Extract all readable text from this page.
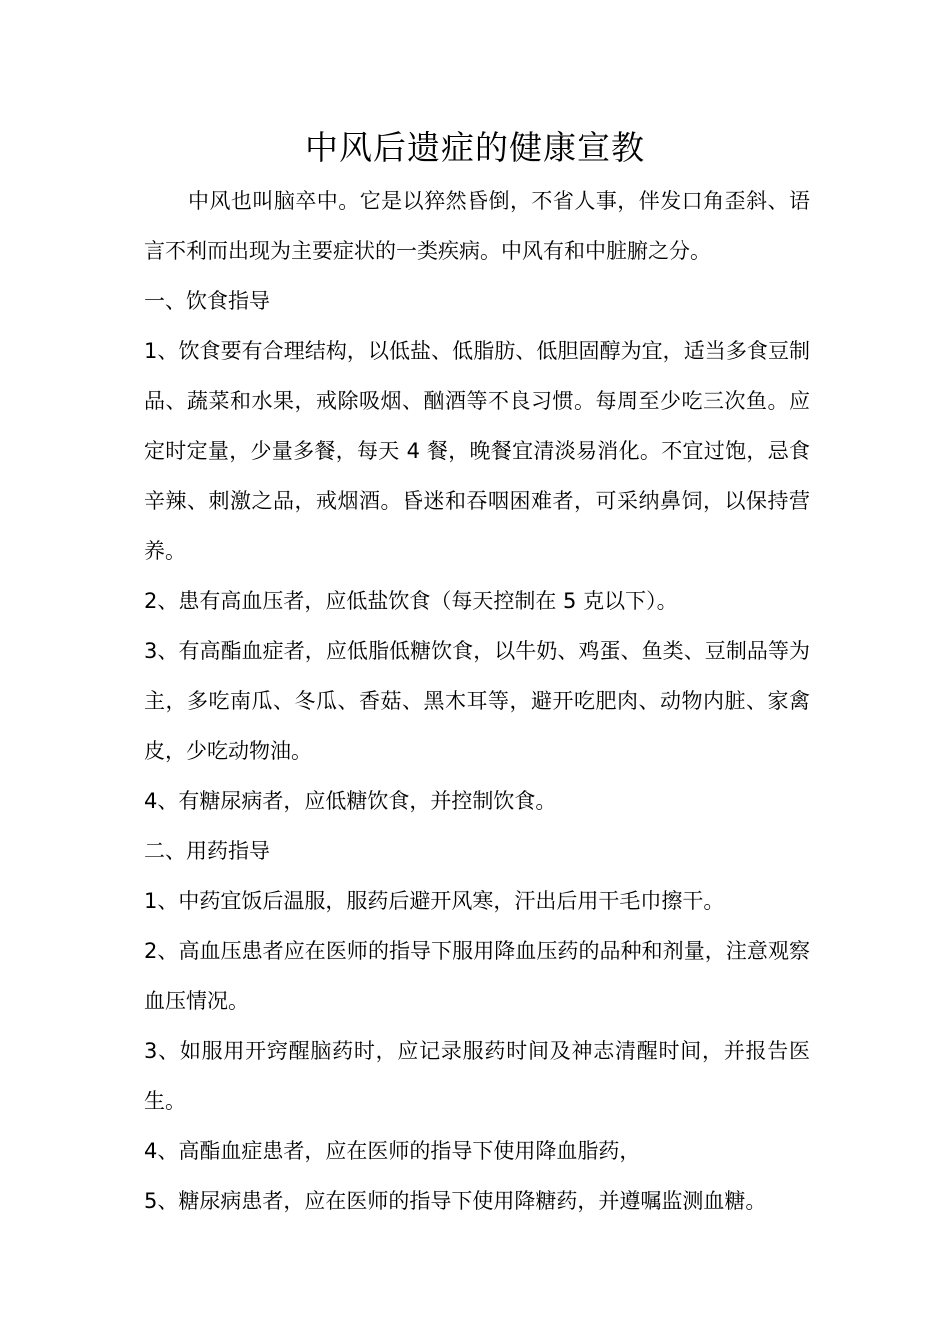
中风后遗症的健康宣教

中风也叫脑卒中。它是以猝然昏倒，不省人事，伴发口角歪斜、语言不利而出现为主要症状的一类疾病。中风有和中脏腑之分。

一、饮食指导

1、饮食要有合理结构，以低盐、低脂肪、低胆固醇为宜，适当多食豆制品、蔬菜和水果，戒除吸烟、酗酒等不良习惯。每周至少吃三次鱼。应定时定量，少量多餐，每天 4 餐，晚餐宜清淡易消化。不宜过饱，忌食辛辣、刺激之品，戒烟酒。昏迷和吞咽困难者，可采纳鼻饲，以保持营养。

2、患有高血压者，应低盐饮食（每天控制在 5 克以下）。

3、有高酯血症者，应低脂低糖饮食，以牛奶、鸡蛋、鱼类、豆制品等为主，多吃南瓜、冬瓜、香菇、黑木耳等，避开吃肥肉、动物内脏、家禽皮，少吃动物油。

4、有糖尿病者，应低糖饮食，并控制饮食。

二、用药指导

1、中药宜饭后温服，服药后避开风寒，汗出后用干毛巾擦干。

2、高血压患者应在医师的指导下服用降血压药的品种和剂量，注意观察血压情况。

3、如服用开窍醒脑药时，应记录服药时间及神志清醒时间，并报告医生。

4、高酯血症患者，应在医师的指导下使用降血脂药，

5、糖尿病患者，应在医师的指导下使用降糖药，并遵嘱监测血糖。
